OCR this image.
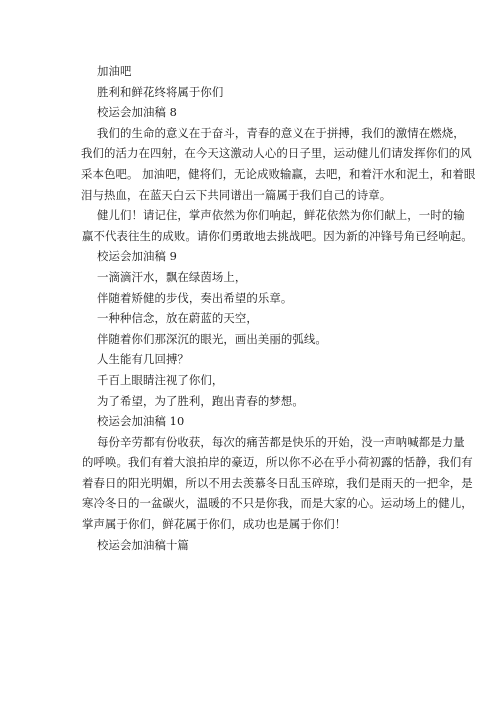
加油吧
胜利和鲜花终将属于你们
校运会加油稿 8
我们的生命的意义在于奋斗，青春的意义在于拼搏，我们的激情在燃烧，
我们的活力在四射，在今天这激动人心的日子里，运动健儿们请发挥你们的风
采本色吧。 加油吧，健将们，无论成败输赢，去吧，和着汗水和泥土，和着眼
泪与热血，在蓝天白云下共同谱出一篇属于我们自己的诗章。
健儿们！请记住，掌声依然为你们响起，鲜花依然为你们献上，一时的输
赢不代表往生的成败。请你们勇敢地去挑战吧。因为新的冲锋号角已经响起。
校运会加油稿 9
一滴滴汗水，飘在绿茵场上，
伴随着矫健的步伐，奏出希望的乐章。
一种种信念，放在蔚蓝的天空，
伴随着你们那深沉的眼光，画出美丽的弧线。
人生能有几回搏？
千百上眼睛注视了你们，
为了希望，为了胜利，跑出青春的梦想。
校运会加油稿 10
每份辛劳都有份收获，每次的痛苦都是快乐的开始，没一声呐喊都是力量
的呼唤。我们有着大浪拍岸的豪迈，所以你不必在乎小荷初露的恬静，我们有
着春日的阳光明媚，所以不用去羡慕冬日乱玉碎琼，我们是雨天的一把伞，是
寒冷冬日的一盆碳火，温暖的不只是你我，而是大家的心。运动场上的健儿，
掌声属于你们，鲜花属于你们，成功也是属于你们！
校运会加油稿十篇
